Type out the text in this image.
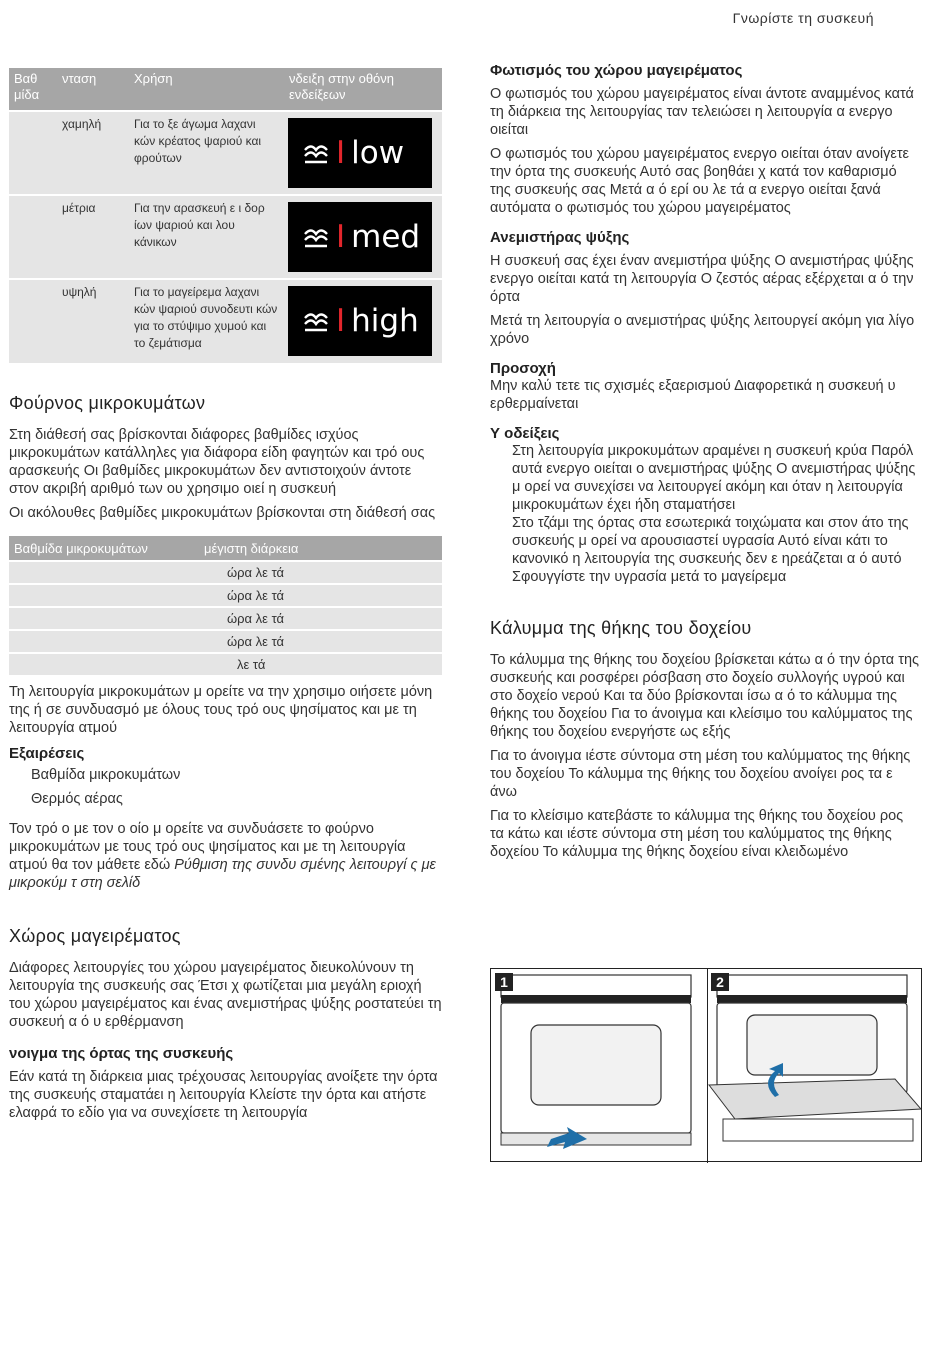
Γνωρίστε τη συσκευή
Βαθ μίδα	νταση	Χρήση	νδειξη στην οθόνη ενδείξεων
	χαμηλή	Για το ξε άγωμα λαχανι κών κρέατος ψαριού και φρούτων	I low

	μέτρια	Για την αρασκευή ε ι δορ ίων ψαριού και λου κάνικων	I med

	υψηλή	Για το μαγείρεμα λαχανι κών ψαριού συνοδευτι κών για το στύψιμο χυμού και το ζεμάτισμα	I high
Φούρνος μικροκυμάτων

Στη διάθεσή σας βρίσκονται διάφορες βαθμίδες ισχύος μικροκυμάτων κατάλληλες για διάφορα είδη φαγητών και τρό ους αρασκευής Οι βαθμίδες μικροκυμάτων δεν αντιστοιχούν άντοτε στον ακριβή αριθμό των ου χρησιμο οιεί η συσκευή

Οι ακόλουθες βαθμίδες μικροκυμάτων βρίσκονται στη διάθεσή σας

Βαθμίδα μικροκυμάτων	μέγιστη διάρκεια
	ώρα λε τά
	ώρα λε τά
	ώρα λε τά
	ώρα λε τά
	λε τά

Τη λειτουργία μικροκυμάτων μ ορείτε να την χρησιμο οιήσετε μόνη της ή σε συνδυασμό με όλους τους τρό ους ψησίματος και με τη λειτουργία ατμού

Εξαιρέσεις

Βαθμίδα μικροκυμάτων

Θερμός αέρας

Τον τρό ο με τον ο οίο μ ορείτε να συνδυάσετε το φούρνο μικροκυμάτων με τους τρό ους ψησίματος και με τη λειτουργία ατμού θα τον μάθετε εδώ Ρύθμιση της συνδυ σμένης λειτουργί ς με μικροκύμ τ στη σελίδ

Χώρος μαγειρέματος

Διάφορες λειτουργίες του χώρου μαγειρέματος διευκολύνουν τη λειτουργία της συσκευής σας Έτσι χ φωτίζεται μια μεγάλη εριοχή του χώρου μαγειρέματος και ένας ανεμιστήρας ψύξης ροστατεύει τη συσκευή α ό υ ερθέρμανση

νοιγμα της όρτας της συσκευής

Εάν κατά τη διάρκεια μιας τρέχουσας λειτουργίας ανοίξετε την όρτα της συσκευής σταματάει η λειτουργία Κλείστε την όρτα και ατήστε ελαφρά το εδίο για να συνεχίσετε τη λειτουργία

Φωτισμός του χώρου μαγειρέματος

Ο φωτισμός του χώρου μαγειρέματος είναι άντοτε αναμμένος κατά τη διάρκεια της λειτουργίας ταν τελειώσει η λειτουργία α ενεργο οιείται

Ο φωτισμός του χώρου μαγειρέματος ενεργο οιείται όταν ανοίγετε την όρτα της συσκευής Αυτό σας βοηθάει χ κατά τον καθαρισμό της συσκευής σας Μετά α ό ερί ου λε τά α ενεργο οιείται ξανά αυτόματα ο φωτισμός του χώρου μαγειρέματος

Ανεμιστήρας ψύξης

Η συσκευή σας έχει έναν ανεμιστήρα ψύξης Ο ανεμιστήρας ψύξης ενεργο οιείται κατά τη λειτουργία Ο ζεστός αέρας εξέρχεται α ό την όρτα

Μετά τη λειτουργία ο ανεμιστήρας ψύξης λειτουργεί ακόμη για λίγο χρόνο

Προσοχή

Μην καλύ τετε τις σχισμές εξαερισμού Διαφορετικά η συσκευή υ ερθερμαίνεται

Υ οδείξεις

Στη λειτουργία μικροκυμάτων αραμένει η συσκευή κρύα Παρόλ αυτά ενεργο οιείται ο ανεμιστήρας ψύξης Ο ανεμιστήρας ψύξης μ ορεί να συνεχίσει να λειτουργεί ακόμη και όταν η λειτουργία μικροκυμάτων έχει ήδη σταματήσει

Στο τζάμι της όρτας στα εσωτερικά τοιχώματα και στον άτο της συσκευής μ ορεί να αρουσιαστεί υγρασία Αυτό είναι κάτι το κανονικό η λειτουργία της συσκευής δεν ε ηρεάζεται α ό αυτό Σφουγγίστε την υγρασία μετά το μαγείρεμα

Κάλυμμα της θήκης του δοχείου

Το κάλυμμα της θήκης του δοχείου βρίσκεται κάτω α ό την όρτα της συσκευής και ροσφέρει ρόσβαση στο δοχείο συλλογής υγρού και στο δοχείο νερού Και τα δύο βρίσκονται ίσω α ό το κάλυμμα της θήκης του δοχείου Για το άνοιγμα και κλείσιμο του καλύμματος της θήκης του δοχείου ενεργήστε ως εξής

Για το άνοιγμα ιέστε σύντομα στη μέση του καλύμματος της θήκης του δοχείου Το κάλυμμα της θήκης του δοχείου ανοίγει ρος τα ε άνω

Για το κλείσιμο κατεβάστε το κάλυμμα της θήκης του δοχείου ρος τα κάτω και ιέστε σύντομα στη μέση του καλύμματος της θήκης δοχείου Το κάλυμμα της θήκης δοχείου είναι κλειδωμένο

1	2
